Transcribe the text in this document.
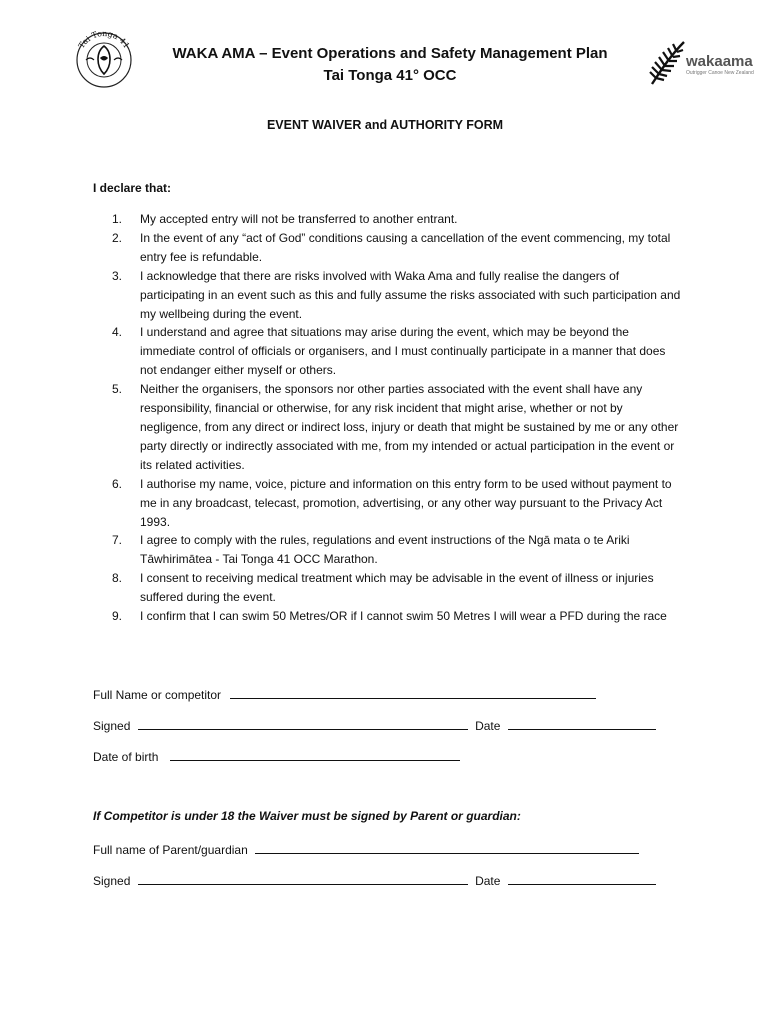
Tai Tonga 41	WAKA AMA – Event Operations and Safety Management Plan
Tai Tonga 41° OCC
wakaama
Outrigger Canoe New Zealand
EVENT WAIVER and AUTHORITY FORM
I declare that:
1.	My accepted entry will not be transferred to another entrant.
2.	In the event of any “act of God” conditions causing a cancellation of the event commencing, my total entry fee is refundable.
3.	I acknowledge that there are risks involved with Waka Ama and fully realise the dangers of participating in an event such as this and fully assume the risks associated with such participation and my wellbeing during the event.
4.	I understand and agree that situations may arise during the event, which may be beyond the immediate control of officials or organisers, and I must continually participate in a manner that does not endanger either myself or others.
5.	Neither the organisers, the sponsors nor other parties associated with the event shall have any responsibility, financial or otherwise, for any risk incident that might arise, whether or not by negligence, from any direct or indirect loss, injury or death that might be sustained by me or any other party directly or indirectly associated with me, from my intended or actual participation in the event or its related activities.
6.	I authorise my name, voice, picture and information on this entry form to be used without payment to me in any broadcast, telecast, promotion, advertising, or any other way pursuant to the Privacy Act 1993.
7.	I agree to comply with the rules, regulations and event instructions of the Ngā mata o te Ariki Tāwhirimātea - Tai Tonga 41 OCC Marathon.
8.	I consent to receiving medical treatment which may be advisable in the event of illness or injuries suffered during the event.
9.	I confirm that I can swim 50 Metres/OR if I cannot swim 50 Metres I will wear a PFD during the race
Full Name or competitor
Signed	Date
Date of birth
If Competitor is under 18 the Waiver must be signed by Parent or guardian:
Full name of Parent/guardian
Signed	Date
